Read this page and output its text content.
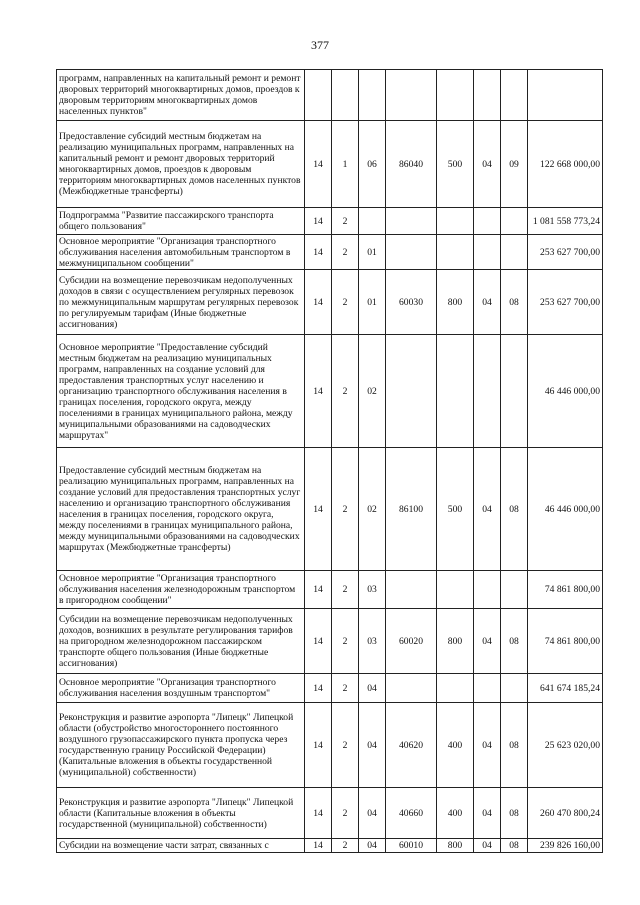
377
программ, направленных на капитальный ремонт и ремонт дворовых территорий многоквартирных домов, проездов к дворовым территориям многоквартирных домов населенных пунктов"								
Предоставление субсидий местным бюджетам на реализацию муниципальных программ, направленных на капитальный ремонт и ремонт дворовых территорий многоквартирных домов, проездов к дворовым территориям многоквартирных домов населенных пунктов (Межбюджетные трансферты)	14	1	06	86040	500	04	09	122 668 000,00
Подпрограмма "Развитие пассажирского транспорта общего пользования"	14	2						1 081 558 773,24
Основное мероприятие "Организация транспортного обслуживания населения автомобильным транспортом в межмуниципальном сообщении"	14	2	01					253 627 700,00
Субсидии на возмещение перевозчикам недополученных доходов в связи с осуществлением регулярных перевозок по межмуниципальным маршрутам регулярных перевозок по регулируемым тарифам (Иные бюджетные ассигнования)	14	2	01	60030	800	04	08	253 627 700,00
Основное мероприятие "Предоставление субсидий местным бюджетам на реализацию муниципальных программ, направленных на создание условий для предоставления транспортных услуг населению и организацию транспортного обслуживания населения в границах поселения, городского округа, между поселениями в границах муниципального района, между муниципальными образованиями на садоводческих маршрутах"	14	2	02					46 446 000,00
Предоставление субсидий местным бюджетам на реализацию муниципальных программ, направленных на создание условий для предоставления транспортных услуг населению и организацию транспортного обслуживания населения в границах поселения, городского округа, между поселениями в границах муниципального района, между муниципальными образованиями на садоводческих маршрутах (Межбюджетные трансферты)	14	2	02	86100	500	04	08	46 446 000,00
Основное мероприятие "Организация транспортного обслуживания населения железнодорожным транспортом в пригородном сообщении"	14	2	03					74 861 800,00
Субсидии на возмещение перевозчикам недополученных доходов, возникших в результате регулирования тарифов на пригородном железнодорожном пассажирском транспорте общего пользования (Иные бюджетные ассигнования)	14	2	03	60020	800	04	08	74 861 800,00
Основное мероприятие "Организация транспортного обслуживания населения воздушным транспортом"	14	2	04					641 674 185,24
Реконструкция и развитие аэропорта "Липецк" Липецкой области (обустройство многостороннего постоянного воздушного грузопассажирского пункта пропуска через государственную границу Российской Федерации) (Капитальные вложения в объекты государственной (муниципальной) собственности)	14	2	04	40620	400	04	08	25 623 020,00
Реконструкция и развитие аэропорта "Липецк" Липецкой области (Капитальные вложения в объекты государственной (муниципальной) собственности)	14	2	04	40660	400	04	08	260 470 800,24
Субсидии на возмещение части затрат, связанных с	14	2	04	60010	800	04	08	239 826 160,00
